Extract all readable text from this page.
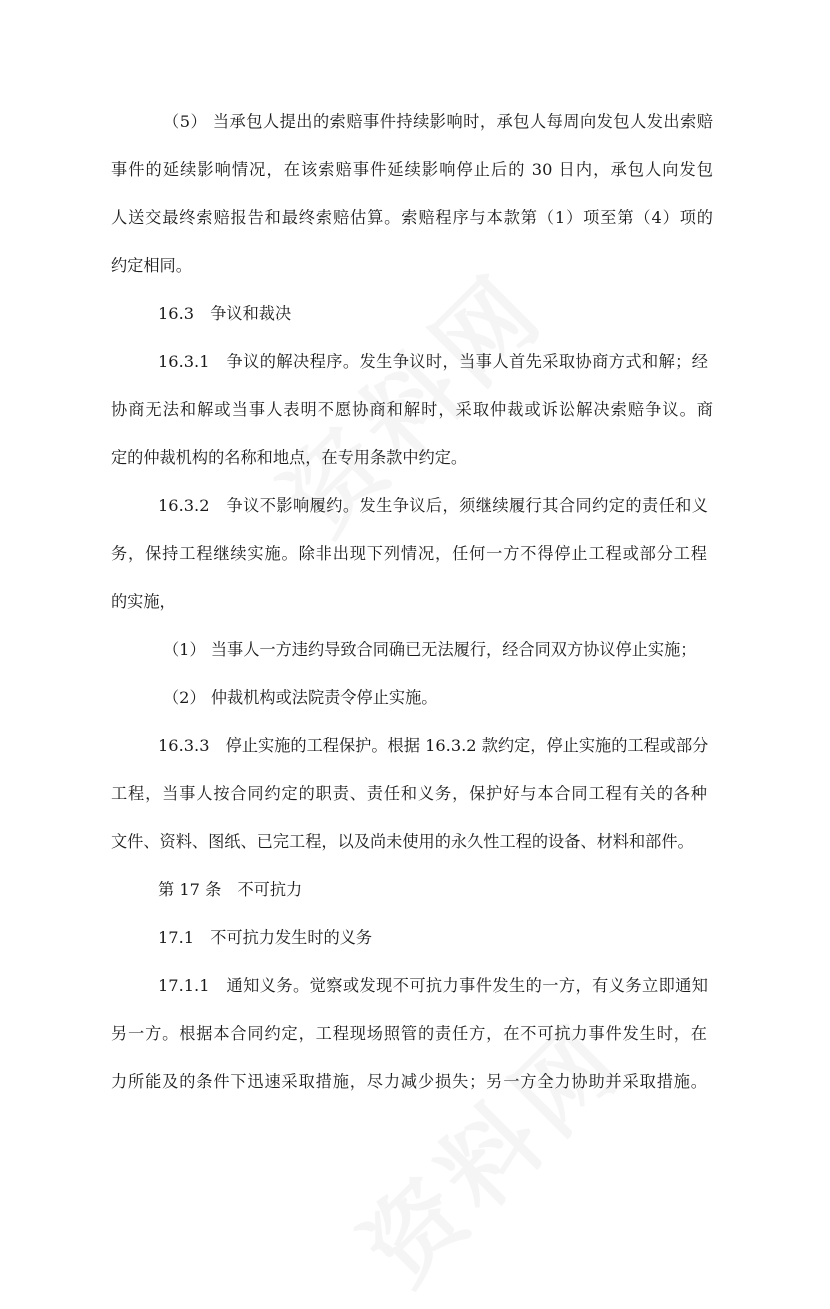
（5） 当承包人提出的索赔事件持续影响时，承包人每周向发包人发出索赔
事件的延续影响情况，在该索赔事件延续影响停止后的 30 日内，承包人向发包
人送交最终索赔报告和最终索赔估算。索赔程序与本款第（1）项至第（4）项的
约定相同。
16.3　争议和裁决
16.3.1　争议的解决程序。发生争议时，当事人首先采取协商方式和解；经
协商无法和解或当事人表明不愿协商和解时，采取仲裁或诉讼解决索赔争议。商
定的仲裁机构的名称和地点，在专用条款中约定。
16.3.2　争议不影响履约。发生争议后，须继续履行其合同约定的责任和义
务，保持工程继续实施。除非出现下列情况，任何一方不得停止工程或部分工程
的实施，
（1） 当事人一方违约导致合同确已无法履行，经合同双方协议停止实施；
（2） 仲裁机构或法院责令停止实施。
16.3.3　停止实施的工程保护。根据 16.3.2 款约定，停止实施的工程或部分
工程，当事人按合同约定的职责、责任和义务，保护好与本合同工程有关的各种
文件、资料、图纸、已完工程，以及尚未使用的永久性工程的设备、材料和部件。
第 17 条　不可抗力
17.1　不可抗力发生时的义务
17.1.1　通知义务。觉察或发现不可抗力事件发生的一方，有义务立即通知
另一方。根据本合同约定，工程现场照管的责任方，在不可抗力事件发生时，在
力所能及的条件下迅速采取措施，尽力减少损失；另一方全力协助并采取措施。
